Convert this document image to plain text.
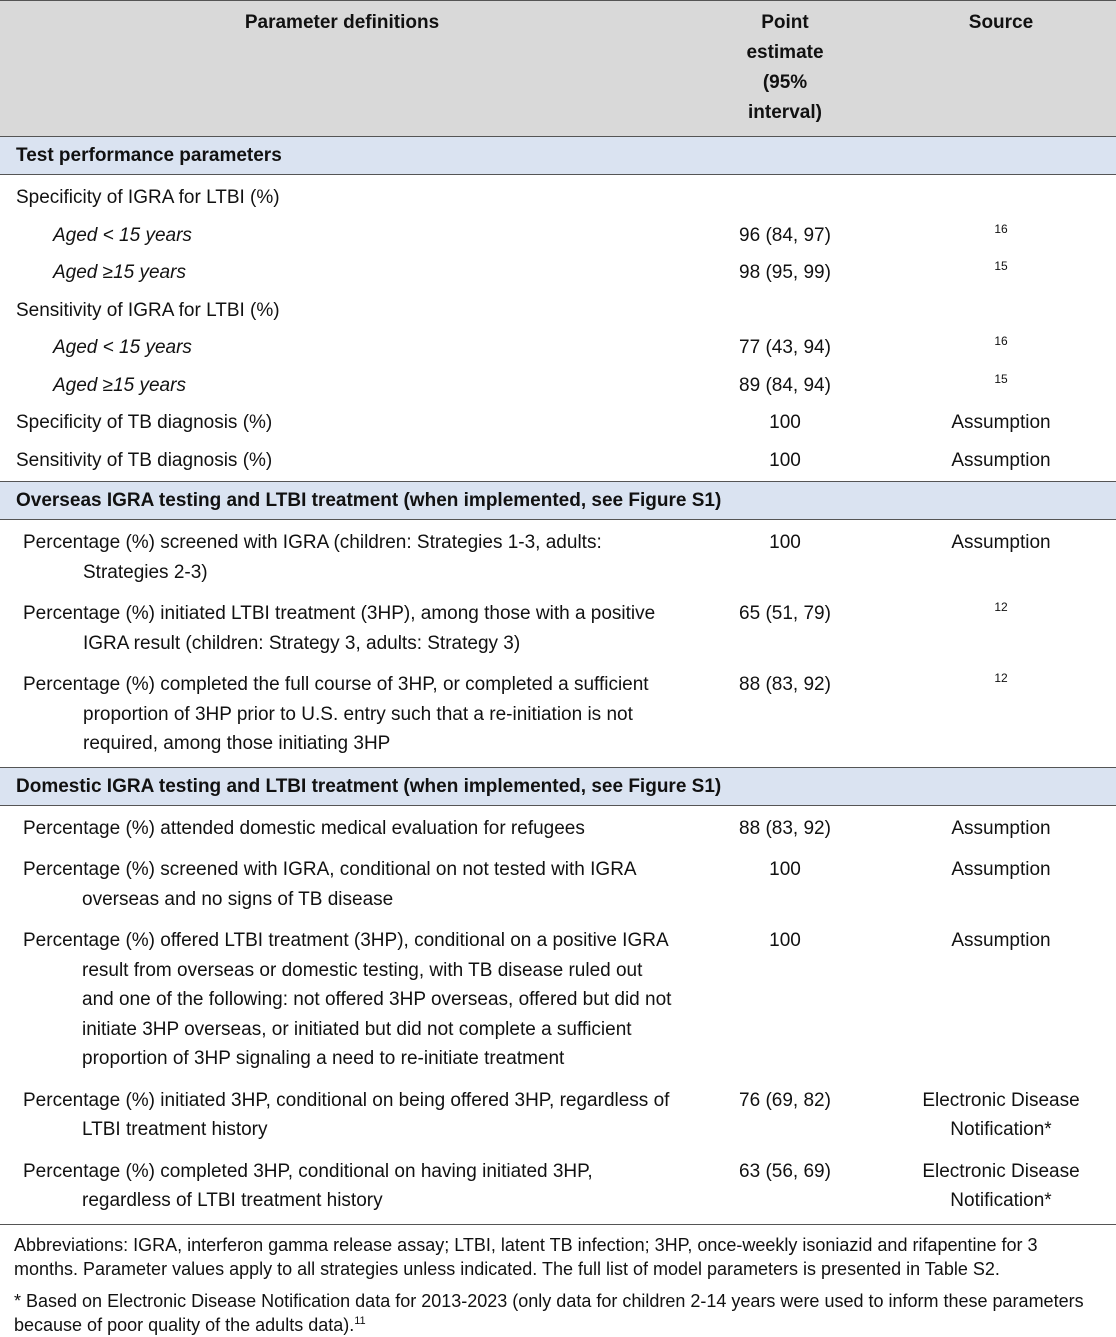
Parameter definitions	Point estimate (95% interval)	Source
Test performance parameters		
Specificity of IGRA for LTBI (%)		
Aged < 15 years	96 (84, 97)	16
Aged ≥15 years	98 (95, 99)	15
Sensitivity of IGRA for LTBI (%)		
Aged < 15 years	77 (43, 94)	16
Aged ≥15 years	89 (84, 94)	15
Specificity of TB diagnosis (%)	100	Assumption
Sensitivity of TB diagnosis (%)	100	Assumption
Overseas IGRA testing and LTBI treatment (when implemented, see Figure S1)		
Percentage (%) screened with IGRA (children: Strategies 1-3, adults: Strategies 2-3)	100	Assumption
Percentage (%) initiated LTBI treatment (3HP), among those with a positive IGRA result (children: Strategy 3, adults: Strategy 3)	65 (51, 79)	12
Percentage (%) completed the full course of 3HP, or completed a sufficient proportion of 3HP prior to U.S. entry such that a re-initiation is not required, among those initiating 3HP	88 (83, 92)	12
Domestic IGRA testing and LTBI treatment (when implemented, see Figure S1)		
Percentage (%) attended domestic medical evaluation for refugees	88 (83, 92)	Assumption
Percentage (%) screened with IGRA, conditional on not tested with IGRA overseas and no signs of TB disease	100	Assumption
Percentage (%) offered LTBI treatment (3HP), conditional on a positive IGRA result from overseas or domestic testing, with TB disease ruled out and one of the following: not offered 3HP overseas, offered but did not initiate 3HP overseas, or initiated but did not complete a sufficient proportion of 3HP signaling a need to re-initiate treatment	100	Assumption
Percentage (%) initiated 3HP, conditional on being offered 3HP, regardless of LTBI treatment history	76 (69, 82)	Electronic Disease Notification*
Percentage (%) completed 3HP, conditional on having initiated 3HP, regardless of LTBI treatment history	63 (56, 69)	Electronic Disease Notification*

Abbreviations: IGRA, interferon gamma release assay; LTBI, latent TB infection; 3HP, once-weekly isoniazid and rifapentine for 3 months. Parameter values apply to all strategies unless indicated. The full list of model parameters is presented in Table S2.

* Based on Electronic Disease Notification data for 2013-2023 (only data for children 2-14 years were used to inform these parameters because of poor quality of the adults data).$^{11}$
